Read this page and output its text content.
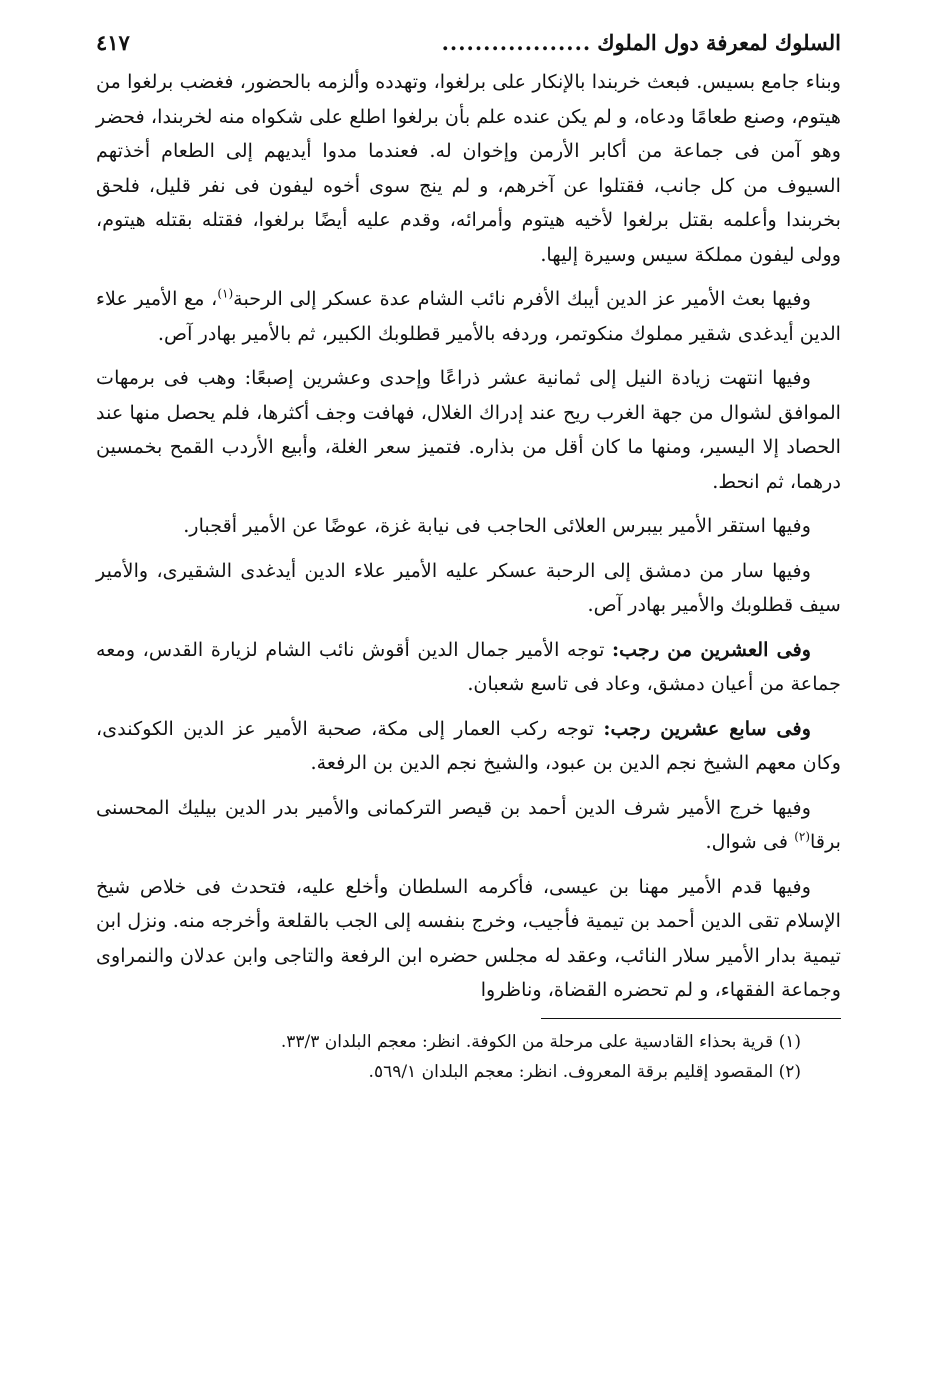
السلوك لمعرفة دول الملوك
..................
٤١٧

وبناء جامع بسيس. فبعث خربندا بالإنكار على برلغوا، وتهدده وألزمه بالحضور، فغضب برلغوا من هيتوم، وصنع طعامًا ودعاه، و لم يكن عنده علم بأن برلغوا اطلع على شكواه منه لخربندا، فحضر وهو آمن فى جماعة من أكابر الأرمن وإخوان له. فعندما مدوا أيديهم إلى الطعام أخذتهم السيوف من كل جانب، فقتلوا عن آخرهم، و لم ينج سوى أخوه ليفون فى نفر قليل، فلحق بخربندا وأعلمه بقتل برلغوا لأخيه هيتوم وأمرائه، وقدم عليه أيضًا برلغوا، فقتله بقتله هيتوم، وولى ليفون مملكة سيس وسيرة إليها.

وفيها بعث الأمير عز الدين أيبك الأفرم نائب الشام عدة عسكر إلى الرحبة$^{(١)}$، مع الأمير علاء الدين أيدغدى شقير مملوك منكوتمر، وردفه بالأمير قطلوبك الكبير، ثم بالأمير بهادر آص.

وفيها انتهت زيادة النيل إلى ثمانية عشر ذراعًا وإحدى وعشرين إصبعًا: وهب فى برمهات الموافق لشوال من جهة الغرب ريح عند إدراك الغلال، فهافت وجف أكثرها، فلم يحصل منها عند الحصاد إلا اليسير، ومنها ما كان أقل من بذاره. فتميز سعر الغلة، وأبيع الأردب القمح بخمسين درهما، ثم انحط.

وفيها استقر الأمير بيبرس العلائى الحاجب فى نيابة غزة، عوضًا عن الأمير أقجبار.

وفيها سار من دمشق إلى الرحبة عسكر عليه الأمير علاء الدين أيدغدى الشقيرى، والأمير سيف قطلوبك والأمير بهادر آص.

وفى العشرين من رجب: توجه الأمير جمال الدين أقوش نائب الشام لزيارة القدس، ومعه جماعة من أعيان دمشق، وعاد فى تاسع شعبان.

وفى سابع عشرين رجب: توجه ركب العمار إلى مكة، صحبة الأمير عز الدين الكوكندى، وكان معهم الشيخ نجم الدين بن عبود، والشيخ نجم الدين بن الرفعة.

وفيها خرج الأمير شرف الدين أحمد بن قيصر التركمانى والأمير بدر الدين بيليك المحسنى برقا$^{(٢)}$ فى شوال.

وفيها قدم الأمير مهنا بن عيسى، فأكرمه السلطان وأخلع عليه، فتحدث فى خلاص شيخ الإسلام تقى الدين أحمد بن تيمية فأجيب، وخرج بنفسه إلى الجب بالقلعة وأخرجه منه. ونزل ابن تيمية بدار الأمير سلار النائب، وعقد له مجلس حضره ابن الرفعة والتاجى وابن عدلان والنمراوى وجماعة الفقهاء، و لم تحضره القضاة، وناظروا

(١) قرية بحذاء القادسية على مرحلة من الكوفة. انظر: معجم البلدان ٣٣/٣.

(٢) المقصود إقليم برقة المعروف. انظر: معجم البلدان ٥٦٩/١.
